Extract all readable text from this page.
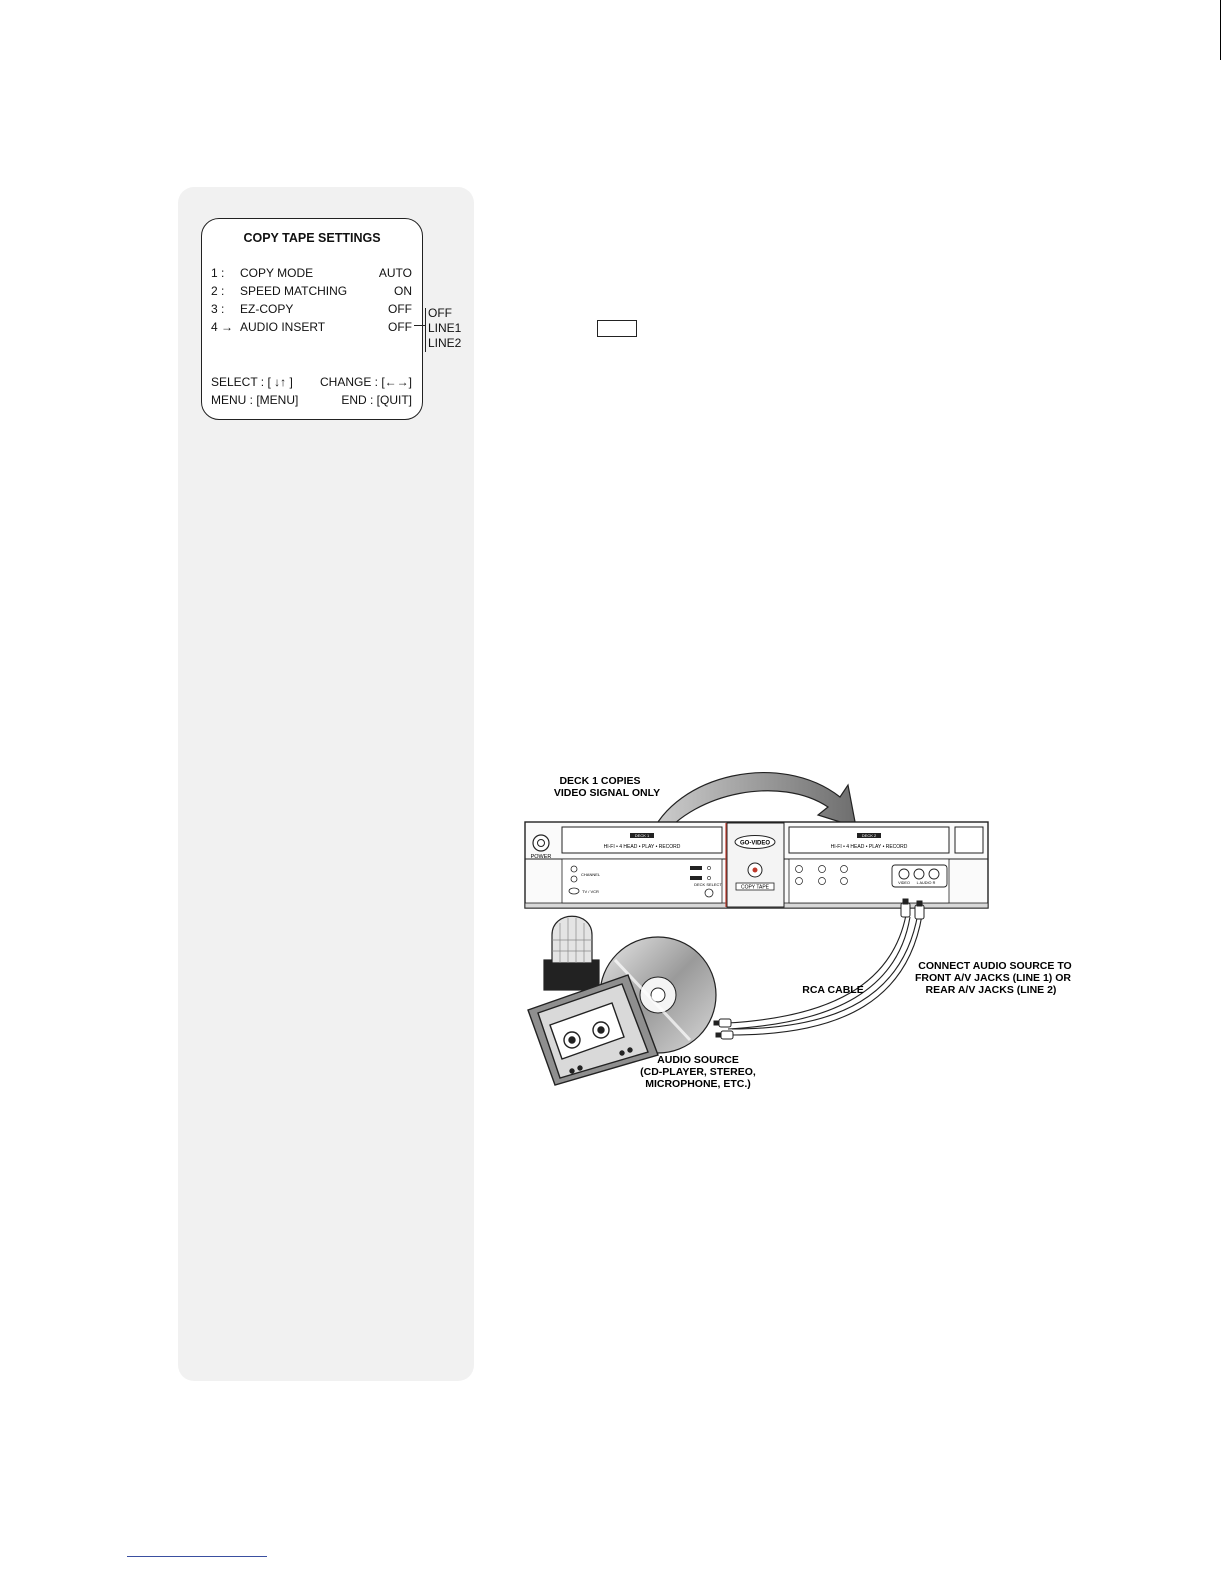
COPY TAPE SETTINGS
1 : COPY MODE	AUTO
2 : SPEED MATCHING	ON
3 : EZ-COPY	OFF
4 → AUDIO INSERT	OFF
SELECT : [ ↓↑ ] CHANGE : [←→]
MENU : [MENU]	END : [QUIT]
OFF
LINE1
LINE2
DECK 1 COPIES
VIDEO SIGNAL ONLY
POWER
DECK 1
HI-FI • 4 HEAD • PLAY • RECORD
GO-VIDEO
COPY TAPE
DECK 2
HI-FI • 4 HEAD • PLAY • RECORD
CHANNEL
TV / VCR
DECK SELECT	VIDEO L AUDIO R
RCA CABLE
CONNECT AUDIO SOURCE TO
FRONT A/V JACKS (LINE 1) OR
REAR A/V JACKS (LINE 2)
AUDIO SOURCE
(CD-PLAYER, STEREO,
MICROPHONE, ETC.)
